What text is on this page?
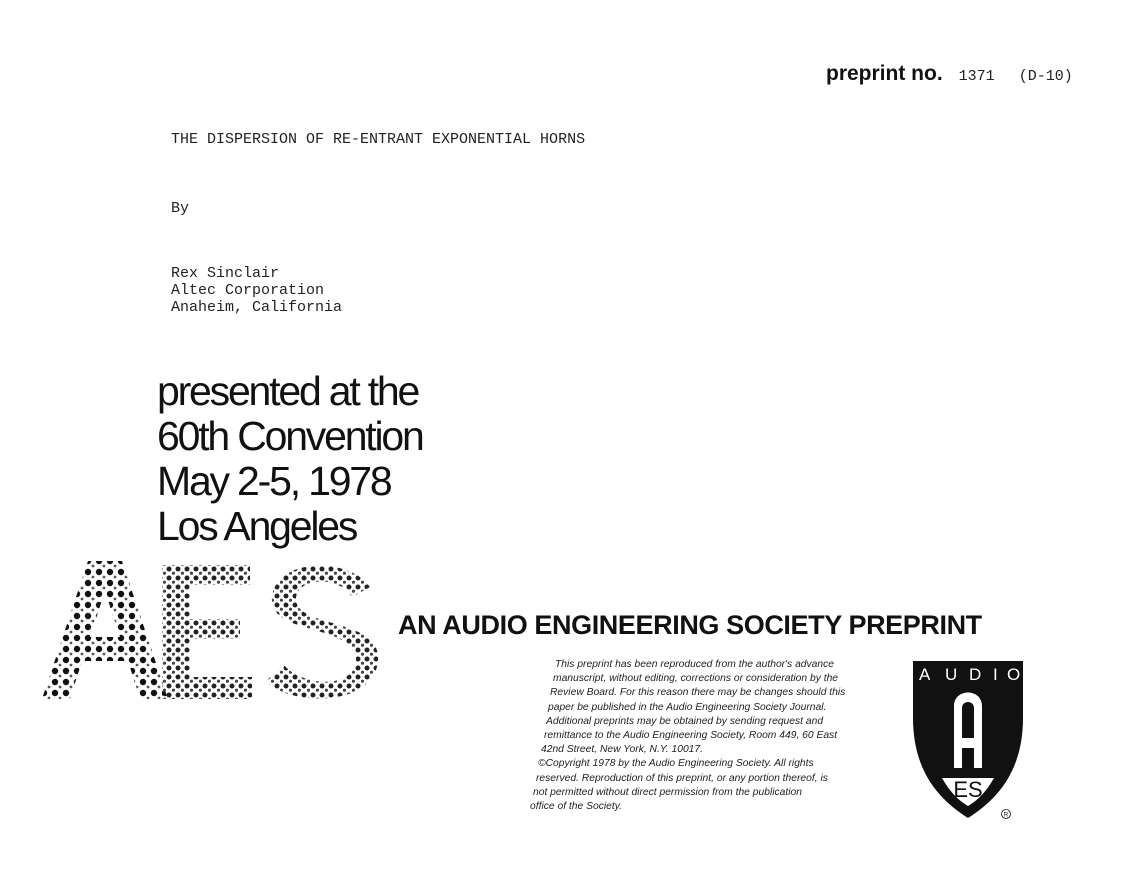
preprint no. 1371 (D-10)
THE DISPERSION OF RE-ENTRANT EXPONENTIAL HORNS
By
Rex Sinclair
Altec Corporation
Anaheim, California
presented at the
60th Convention
May 2-5, 1978
Los Angeles
AN AUDIO ENGINEERING SOCIETY PREPRINT
This preprint has been reproduced from the author's advance
manuscript, without editing, corrections or consideration by the
Review Board. For this reason there may be changes should this
paper be published in the Audio Engineering Society Journal.
Additional preprints may be obtained by sending request and
remittance to the Audio Engineering Society, Room 449, 60 East
42nd Street, New York, N.Y. 10017.
©Copyright 1978 by the Audio Engineering Society. All rights
reserved. Reproduction of this preprint, or any portion thereof, is
not permitted without direct permission from the publication
office of the Society.
A U D I O
ES
R
